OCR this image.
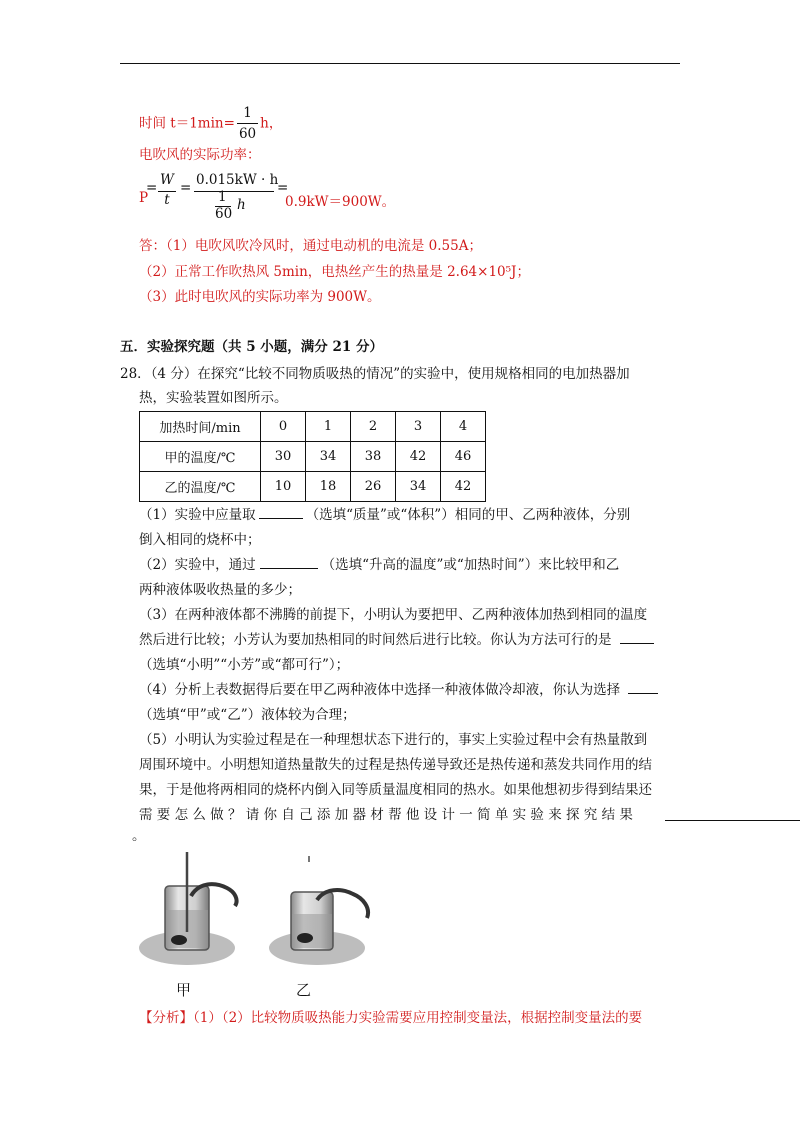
时间 $t=1\min= \frac{1}{60}$ h，
电吹风的实际功率：
P
= W
t
= 0.015kW · h
1
60
h
=
0.9kW＝900W。
答：（1）电吹风吹冷风时，通过电动机的电流是 0.55A；
（2）正常工作吹热风 5min，电热丝产生的热量是 2.64×10⁵J；
（3）此时电吹风的实际功率为 900W。
五．实验探究题（共 5 小题，满分 21 分）
28．（4 分）在探究“比较不同物质吸热的情况”的实验中，使用规格相同的电加热器加
热，实验装置如图所示。
加热时间/min	0	1	2	3	4
甲的温度/℃	30	34	38	42	46
乙的温度/℃	10	18	26	34	42
（1）实验中应量取	（选填“质量”或“体积”）相同的甲、乙两种液体，分别
倒入相同的烧杯中；
（2）实验中，通过	（选填“升高的温度”或“加热时间”）来比较甲和乙
两种液体吸收热量的多少；
（3）在两种液体都不沸腾的前提下，小明认为要把甲、乙两种液体加热到相同的温度
然后进行比较；小芳认为要加热相同的时间然后进行比较。你认为方法可行的是
（选填“小明”“小芳”或“都可行”）；
（4）分析上表数据得后要在甲乙两种液体中选择一种液体做冷却液，你认为选择
（选填“甲”或“乙”）液体较为合理；
（5）小明认为实验过程是在一种理想状态下进行的，事实上实验过程中会有热量散到
周围环境中。小明想知道热量散失的过程是热传递导致还是热传递和蒸发共同作用的结
果，于是他将两相同的烧杯内倒入同等质量温度相同的热水。如果他想初步得到结果还
需 要 怎 么 做 ？ 请 你 自 己 添 加 器 材 帮 他 设 计 一 简 单 实 验 来 探 究 结 果
。
甲	乙
【分析】（1）（2）比较物质吸热能力实验需要应用控制变量法，根据控制变量法的要
